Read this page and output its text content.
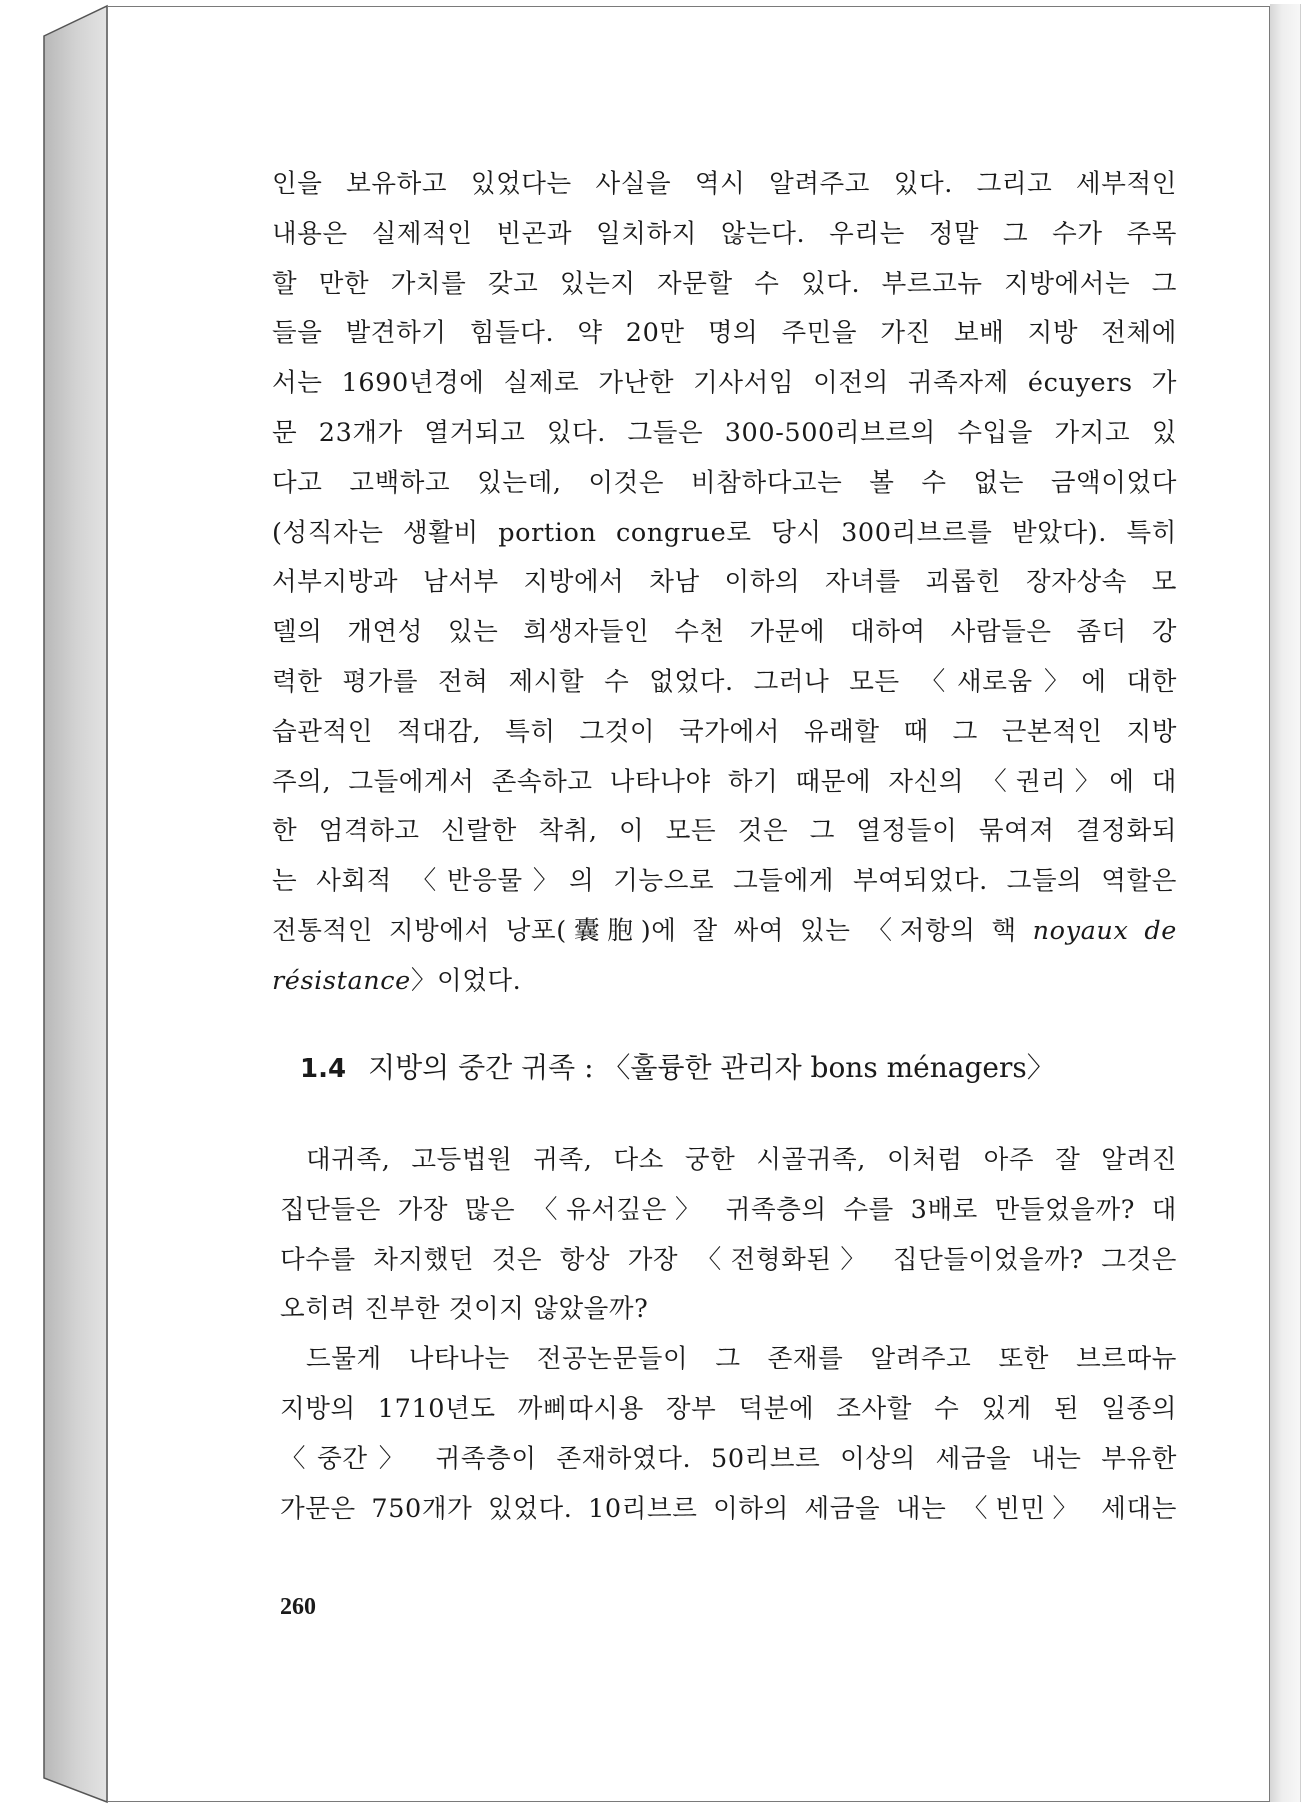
인을 보유하고 있었다는 사실을 역시 알려주고 있다. 그리고 세부적인
내용은 실제적인 빈곤과 일치하지 않는다. 우리는 정말 그 수가 주목
할 만한 가치를 갖고 있는지 자문할 수 있다. 부르고뉴 지방에서는 그
들을 발견하기 힘들다. 약 20만 명의 주민을 가진 보배 지방 전체에
서는 1690년경에 실제로 가난한 기사서임 이전의 귀족자제 écuyers 가
문 23개가 열거되고 있다. 그들은 300-500리브르의 수입을 가지고 있
다고 고백하고 있는데, 이것은 비참하다고는 볼 수 없는 금액이었다
(성직자는 생활비 portion congrue로 당시 300리브르를 받았다). 특히
서부지방과 남서부 지방에서 차남 이하의 자녀를 괴롭힌 장자상속 모
델의 개연성 있는 희생자들인 수천 가문에 대하여 사람들은 좀더 강
력한 평가를 전혀 제시할 수 없었다. 그러나 모든 〈새로움〉에 대한
습관적인 적대감, 특히 그것이 국가에서 유래할 때 그 근본적인 지방
주의, 그들에게서 존속하고 나타나야 하기 때문에 자신의 〈권리〉에 대
한 엄격하고 신랄한 착취, 이 모든 것은 그 열정들이 묶여져 결정화되
는 사회적 〈반응물〉의 기능으로 그들에게 부여되었다. 그들의 역할은
전통적인 지방에서 낭포(囊胞)에 잘 싸여 있는 〈저항의 핵 noyaux de
résistance〉이었다.
1.4 지방의 중간 귀족 : 〈훌륭한 관리자 bons ménagers〉
대귀족, 고등법원 귀족, 다소 궁한 시골귀족, 이처럼 아주 잘 알려진
집단들은 가장 많은 〈유서깊은〉 귀족층의 수를 3배로 만들었을까? 대
다수를 차지했던 것은 항상 가장 〈전형화된〉 집단들이었을까? 그것은
오히려 진부한 것이지 않았을까?
드물게 나타나는 전공논문들이 그 존재를 알려주고 또한 브르따뉴
지방의 1710년도 까삐따시용 장부 덕분에 조사할 수 있게 된 일종의
〈중간〉 귀족층이 존재하였다. 50리브르 이상의 세금을 내는 부유한
가문은 750개가 있었다. 10리브르 이하의 세금을 내는 〈빈민〉 세대는
260
